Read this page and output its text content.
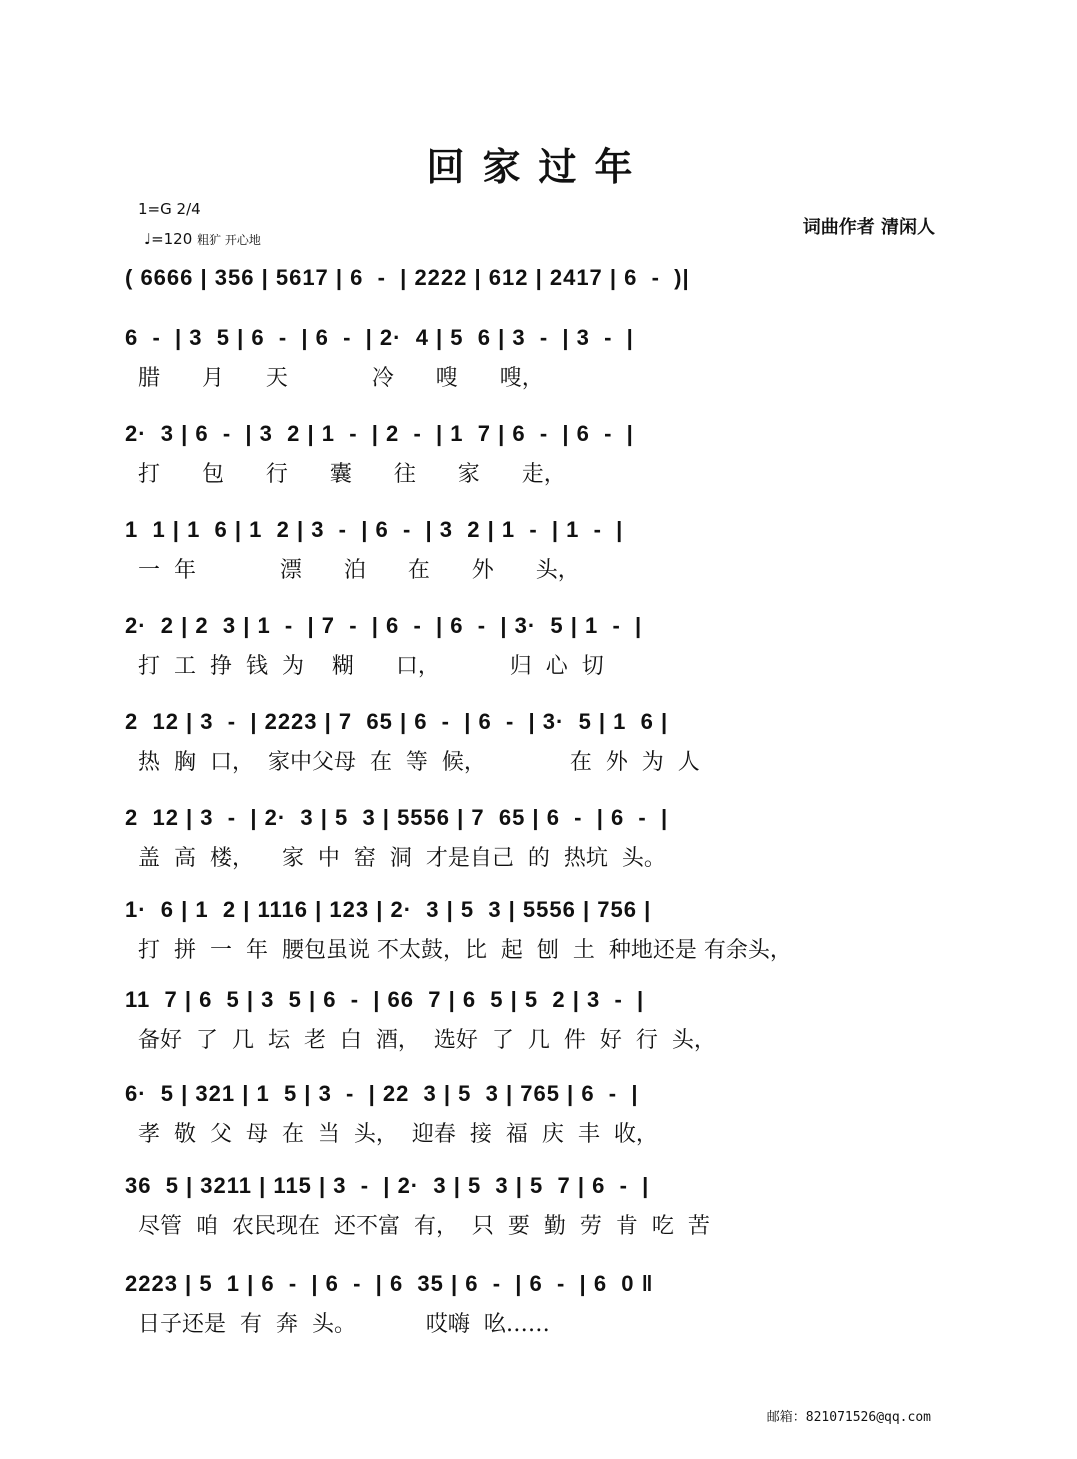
回家过年
1=G 2/4
♩=120 粗犷 开心地
词曲作者 清闲人
( 6666 | 356 | 5617 | 6  -  | 2222 | 612 | 2417 | 6  -  )|
6  -  | 3  5 | 6  -  | 6  -  | 2·  4 | 5  6 | 3  -  | 3  -  |
腊      月      天            冷      嗖      嗖，
2·  3 | 6  -  | 3  2 | 1  -  | 2  -  | 1  7 | 6  -  | 6  -  |
打      包      行      囊      往      家      走，
1  1 | 1  6 | 1  2 | 3  -  | 6  -  | 3  2 | 1  -  | 1  -  |
一  年            漂      泊      在      外      头，
2·  2 | 2  3 | 1  -  | 7  -  | 6  -  | 6  -  | 3·  5 | 1  -  |
打  工  挣  钱  为    糊      口，          归  心  切
2  12 | 3  -  | 2223 | 7  65 | 6  -  | 6  -  | 3·  5 | 1  6 |
热  胸  口，  家中父母  在  等  候，            在  外  为  人
2  12 | 3  -  | 2·  3 | 5  3 | 5556 | 7  65 | 6  -  | 6  -  |
盖  高  楼，    家  中  窑  洞  才是自己  的  热坑  头。
1·  6 | 1  2 | 1116 | 123 | 2·  3 | 5  3 | 5556 | 756 |
打  拼  一  年  腰包虽说 不太鼓，比  起  刨  土  种地还是 有余头，
11  7 | 6  5 | 3  5 | 6  -  | 66  7 | 6  5 | 5  2 | 3  -  |
备好  了  几  坛  老  白  酒，  选好  了  几  件  好  行  头，
6·  5 | 321 | 1  5 | 3  -  | 22  3 | 5  3 | 765 | 6  -  |
孝  敬  父  母  在  当  头，  迎春  接  福  庆  丰  收，
36  5 | 3211 | 115 | 3  -  | 2·  3 | 5  3 | 5  7 | 6  -  |
尽管  咱  农民现在  还不富  有，  只  要  勤  劳  肯  吃  苦
2223 | 5  1 | 6  -  | 6  -  | 6  35 | 6  -  | 6  -  | 6  0 ‖
日子还是  有  奔  头。          哎嗨  吆……
邮箱：821071526@qq.com
